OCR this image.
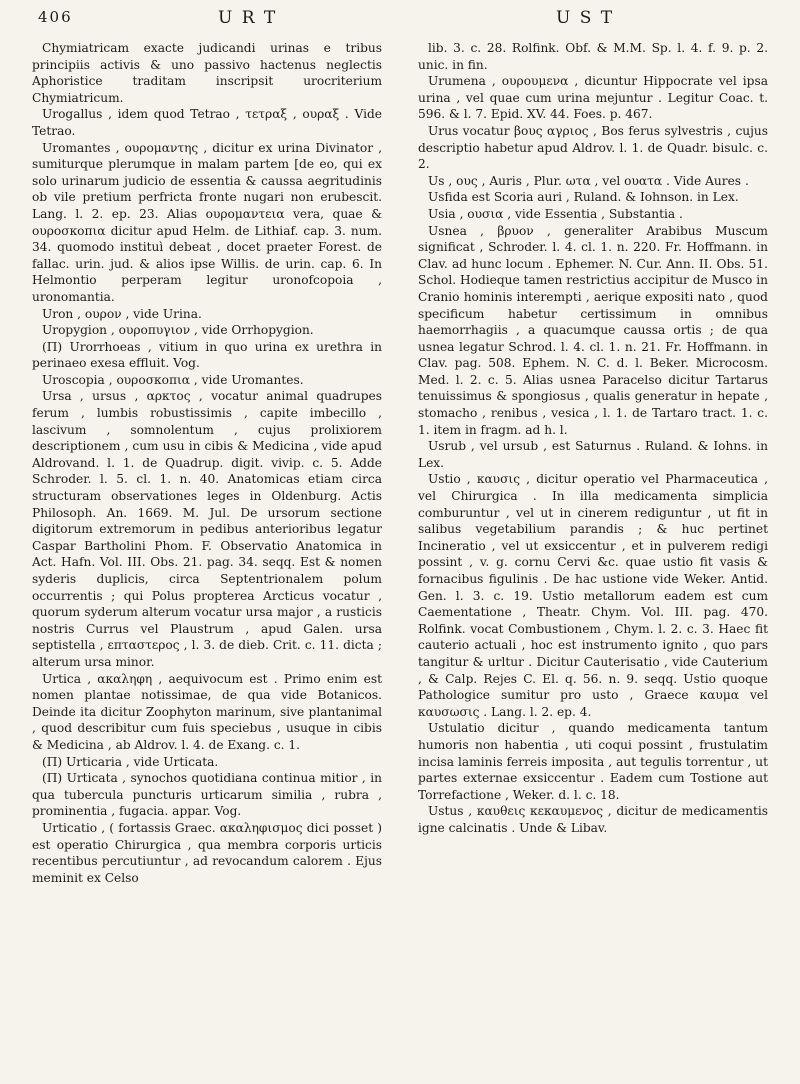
406	U R T	U S T

Chymiatricam exacte judicandi urinas e tribus principiis activis & uno passivo hactenus neglectis Aphoristice traditam inscripsit urocriterium Chymiatricum.

Urogallus , idem quod Tetrao , τετραξ , ουραξ . Vide Tetrao.

Uromantes , ουρομαντης , dicitur ex urina Divinator , sumiturque plerumque in malam partem [de eo, qui ex solo urinarum judicio de essentia & caussa aegritudinis ob vile pretium perfricta fronte nugari non erubescit. Lang. l. 2. ep. 23. Alias ουρομαντεια vera, quae & ουροσκοπια dicitur apud Helm. de Lithiaf. cap. 3. num. 34. quomodo instituì debeat , docet praeter Forest. de fallac. urin. jud. & alios ipse Willis. de urin. cap. 6. In Helmontio perperam legitur uronofcopoia , uronomantia.

Uron , ουρον , vide Urina.

Uropygion , ουροπυγιον , vide Orrhopygion.

(Π) Urorrhoeas , vitium in quo urina ex urethra in perinaeo exesa effluit. Vog.

Uroscopia , ουροσκοπια , vide Uromantes.

Ursa , ursus , αρκτος , vocatur animal quadrupes ferum , lumbis robustissimis , capite imbecillo , lascivum , somnolentum , cujus prolixiorem descriptionem , cum usu in cibis & Medicina , vide apud Aldrovand. l. 1. de Quadrup. digit. vivip. c. 5. Adde Schroder. l. 5. cl. 1. n. 40. Anatomicas etiam circa structuram observationes leges in Oldenburg. Actis Philosoph. An. 1669. M. Jul. De ursorum sectione digitorum extremorum in pedibus anterioribus legatur Caspar Bartholini Phom. F. Observatio Anatomica in Act. Hafn. Vol. III. Obs. 21. pag. 34. seqq. Est & nomen syderis duplicis, circa Septentrionalem polum occurrentis ; qui Polus propterea Arcticus vocatur , quorum syderum alterum vocatur ursa major , a rusticis nostris Currus vel Plaustrum , apud Galen. ursa septistella , επταστερος , l. 3. de dieb. Crit. c. 11. dicta ; alterum ursa minor.

Urtica , ακαληφη , aequivocum est . Primo enim est nomen plantae notissimae, de qua vide Botanicos. Deinde ita dicitur Zoophyton marinum, sive plantanimal , quod describitur cum fuis speciebus , usuque in cibis & Medicina , ab Aldrov. l. 4. de Exang. c. 1.

(Π) Urticaria , vide Urticata.

(Π) Urticata , synochos quotidiana continua mitior , in qua tubercula puncturis urticarum similia , rubra , prominentia , fugacia. appar. Vog.

Urticatio , ( fortassis Graec. ακαληφισμος dici posset ) est operatio Chirurgica , qua membra corporis urticis recentibus percutiuntur , ad revocandum calorem . Ejus meminit ex Celso

lib. 3. c. 28. Rolfink. Obf. & M.M. Sp. l. 4. f. 9. p. 2. unic. in fin.

Urumena , ουρουμενα , dicuntur Hippocrate vel ipsa urina , vel quae cum urina mejuntur . Legitur Coac. t. 596. & l. 7. Epid. XV. 44. Foes. p. 467.

Urus vocatur βους αγριος , Bos ferus sylvestris , cujus descriptio habetur apud Aldrov. l. 1. de Quadr. bisulc. c. 2.

Us , ους , Auris , Plur. ωτα , vel ουατα . Vide Aures .

Usfida est Scoria auri , Ruland. & Iohnson. in Lex.

Usia , ουσια , vide Essentia , Substantia .

Usnea , βρυον , generaliter Arabibus Muscum significat , Schroder. l. 4. cl. 1. n. 220. Fr. Hoffmann. in Clav. ad hunc locum . Ephemer. N. Cur. Ann. II. Obs. 51. Schol. Hodieque tamen restrictius accipitur de Musco in Cranio hominis interempti , aerique expositi nato , quod specificum habetur certissimum in omnibus haemorrhagiis , a quacumque caussa ortis ; de qua usnea legatur Schrod. l. 4. cl. 1. n. 21. Fr. Hoffmann. in Clav. pag. 508. Ephem. N. C. d. l. Beker. Microcosm. Med. l. 2. c. 5. Alias usnea Paracelso dicitur Tartarus tenuissimus & spongiosus , qualis generatur in hepate , stomacho , renibus , vesica , l. 1. de Tartaro tract. 1. c. 1. item in fragm. ad h. l.

Usrub , vel ursub , est Saturnus . Ruland. & Iohns. in Lex.

Ustio , καυσις , dicitur operatio vel Pharmaceutica , vel Chirurgica . In illa medicamenta simplicia comburuntur , vel ut in cinerem rediguntur , ut fit in salibus vegetabilium parandis ; & huc pertinet Incineratio , vel ut exsiccentur , et in pulverem redigi possint , v. g. cornu Cervi &c. quae ustio fit vasis & fornacibus figulinis . De hac ustione vide Weker. Antid. Gen. l. 3. c. 19. Ustio metallorum eadem est cum Caementatione , Theatr. Chym. Vol. III. pag. 470. Rolfink. vocat Combustionem , Chym. l. 2. c. 3. Haec fit cauterio actuali , hoc est instrumento ignito , quo pars tangitur & urltur . Dicitur Cauterisatio , vide Cauterium , & Calp. Rejes C. El. q. 56. n. 9. seqq. Ustio quoque Pathologice sumitur pro usto , Graece καυμα vel καυσωσις . Lang. l. 2. ep. 4.

Ustulatio dicitur , quando medicamenta tantum humoris non habentia , uti coqui possint , frustulatim incisa laminis ferreis imposita , aut tegulis torrentur , ut partes externae exsiccentur . Eadem cum Tostione aut Torrefactione , Weker. d. l. c. 18.

Ustus , καυθεις κεκαυμενος , dicitur de medicamentis igne calcinatis . Unde & Libav.
